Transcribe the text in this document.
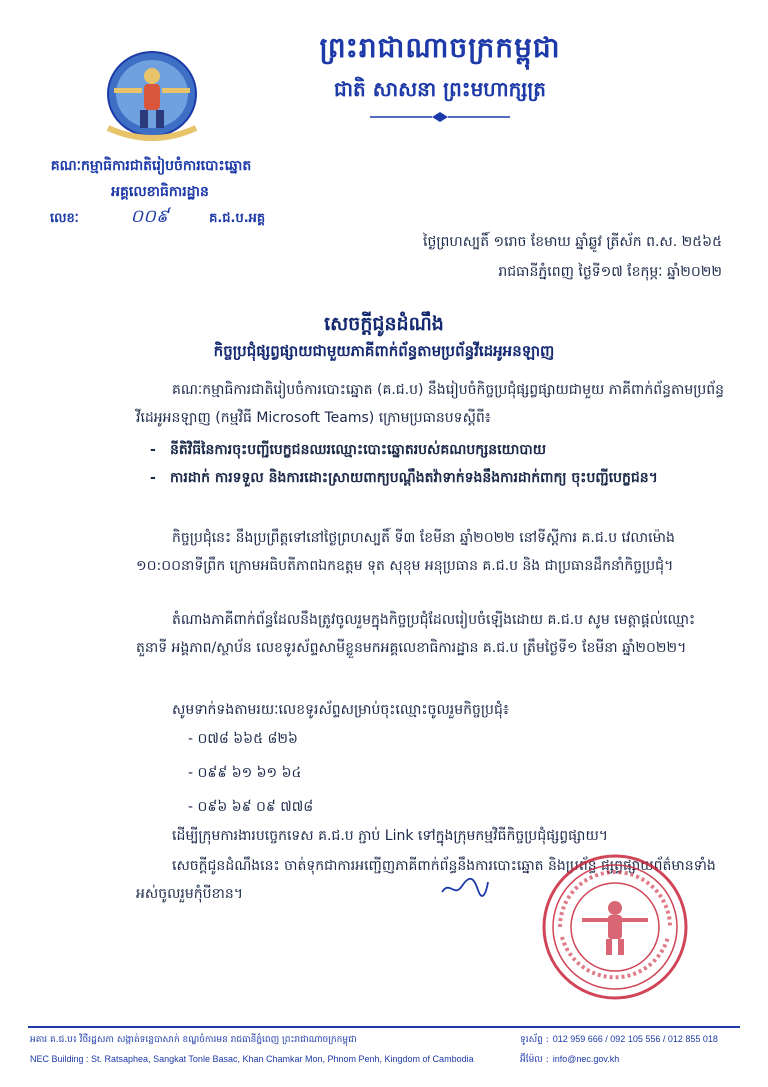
ព្រះរាជាណាចក្រកម្ពុជា
ជាតិ សាសនា ព្រះមហាក្សត្រ
គណៈកម្មាធិការជាតិរៀបចំការបោះឆ្នោត
អគ្គលេខាធិការដ្ឋាន
លេខៈ	០០៩	គ.ជ.ប.អគ្គ
ថ្ងៃព្រហស្បតិ៍ ១រោច ខែមាឃ ឆ្នាំឆ្លូវ ត្រីស័ក ព.ស. ២៥៦៥
រាជធានីភ្នំពេញ ថ្ងៃទី១៧ ខែកុម្ភៈ ឆ្នាំ២០២២
សេចក្តីជូនដំណឹង
កិច្ចប្រជុំផ្សព្វផ្សាយជាមួយភាគីពាក់ព័ន្ធតាមប្រព័ន្ធវីដេអូអនឡាញ
គណៈកម្មាធិការជាតិរៀបចំការបោះឆ្នោត (គ.ជ.ប) នឹងរៀបចំកិច្ចប្រជុំផ្សព្វផ្សាយជាមួយ ភាគីពាក់ព័ន្ធតាមប្រព័ន្ធវីដេអូអនឡាញ (កម្មវិធី Microsoft Teams) ក្រោមប្រធានបទស្តីពី៖
-	នីតិវិធីនៃការចុះបញ្ជីបេក្ខជនឈរឈ្មោះបោះឆ្នោតរបស់គណបក្សនយោបាយ
-	ការដាក់ ការទទួល និងការដោះស្រាយពាក្យបណ្តឹងតវ៉ាទាក់ទងនឹងការដាក់ពាក្យ ចុះបញ្ជីបេក្ខជន។
កិច្ចប្រជុំនេះ នឹងប្រព្រឹត្តទៅនៅថ្ងៃព្រហស្បតិ៍ ទី៣ ខែមីនា ឆ្នាំ២០២២ នៅទីស្តីការ គ.ជ.ប វេលាម៉ោង ១០:០០នាទីព្រឹក ក្រោមអធិបតីភាពឯកឧត្តម ទុត សុខុម អនុប្រធាន គ.ជ.ប និង ជាប្រធានដឹកនាំកិច្ចប្រជុំ។
តំណាងភាគីពាក់ព័ន្ធដែលនឹងត្រូវចូលរួមក្នុងកិច្ចប្រជុំដែលរៀបចំឡើងដោយ គ.ជ.ប សូម មេត្តាផ្តល់ឈ្មោះ តួនាទី អង្គភាព/ស្ថាប័ន លេខទូរស័ព្ទសាមីខ្លួនមកអគ្គលេខាធិការដ្ឋាន គ.ជ.ប ត្រឹមថ្ងៃទី១ ខែមីនា ឆ្នាំ២០២២។
សូមទាក់ទងតាមរយៈលេខទូរស័ព្ទសម្រាប់ចុះឈ្មោះចូលរួមកិច្ចប្រជុំ៖
- ០៧៨ ៦៦៥ ៨២៦
- ០៩៩ ៦១ ៦១ ៦៤
- ០៩៦ ៦៩ ០៩ ៧៧៨
ដើម្បីក្រុមការងារបច្ចេកទេស គ.ជ.ប ភ្ជាប់ Link ទៅក្នុងក្រុមកម្មវិធីកិច្ចប្រជុំផ្សព្វផ្សាយ។
សេចក្តីជូនដំណឹងនេះ ចាត់ទុកជាការអញ្ជើញភាគីពាក់ព័ន្ធនឹងការបោះឆ្នោត និងប្រព័ន្ធ ផ្សព្វផ្សាយព័ត៌មានទាំងអស់ចូលរួមកុំបីខាន។
អគារ គ.ជ.ប៖ វិថីរដ្ឋសភា សង្កាត់ទន្លេបាសាក់ ខណ្ឌចំការមន រាជធានីភ្នំពេញ ព្រះរាជាណាចក្រកម្ពុជា
NEC Building : St. Ratsaphea, Sangkat Tonle Basac, Khan Chamkar Mon, Phnom Penh, Kingdom of Cambodia
ទូរស័ព្ទ : 012 959 666 / 092 105 556 / 012 855 018
អ៊ីម៉ែល : info@nec.gov.kh
